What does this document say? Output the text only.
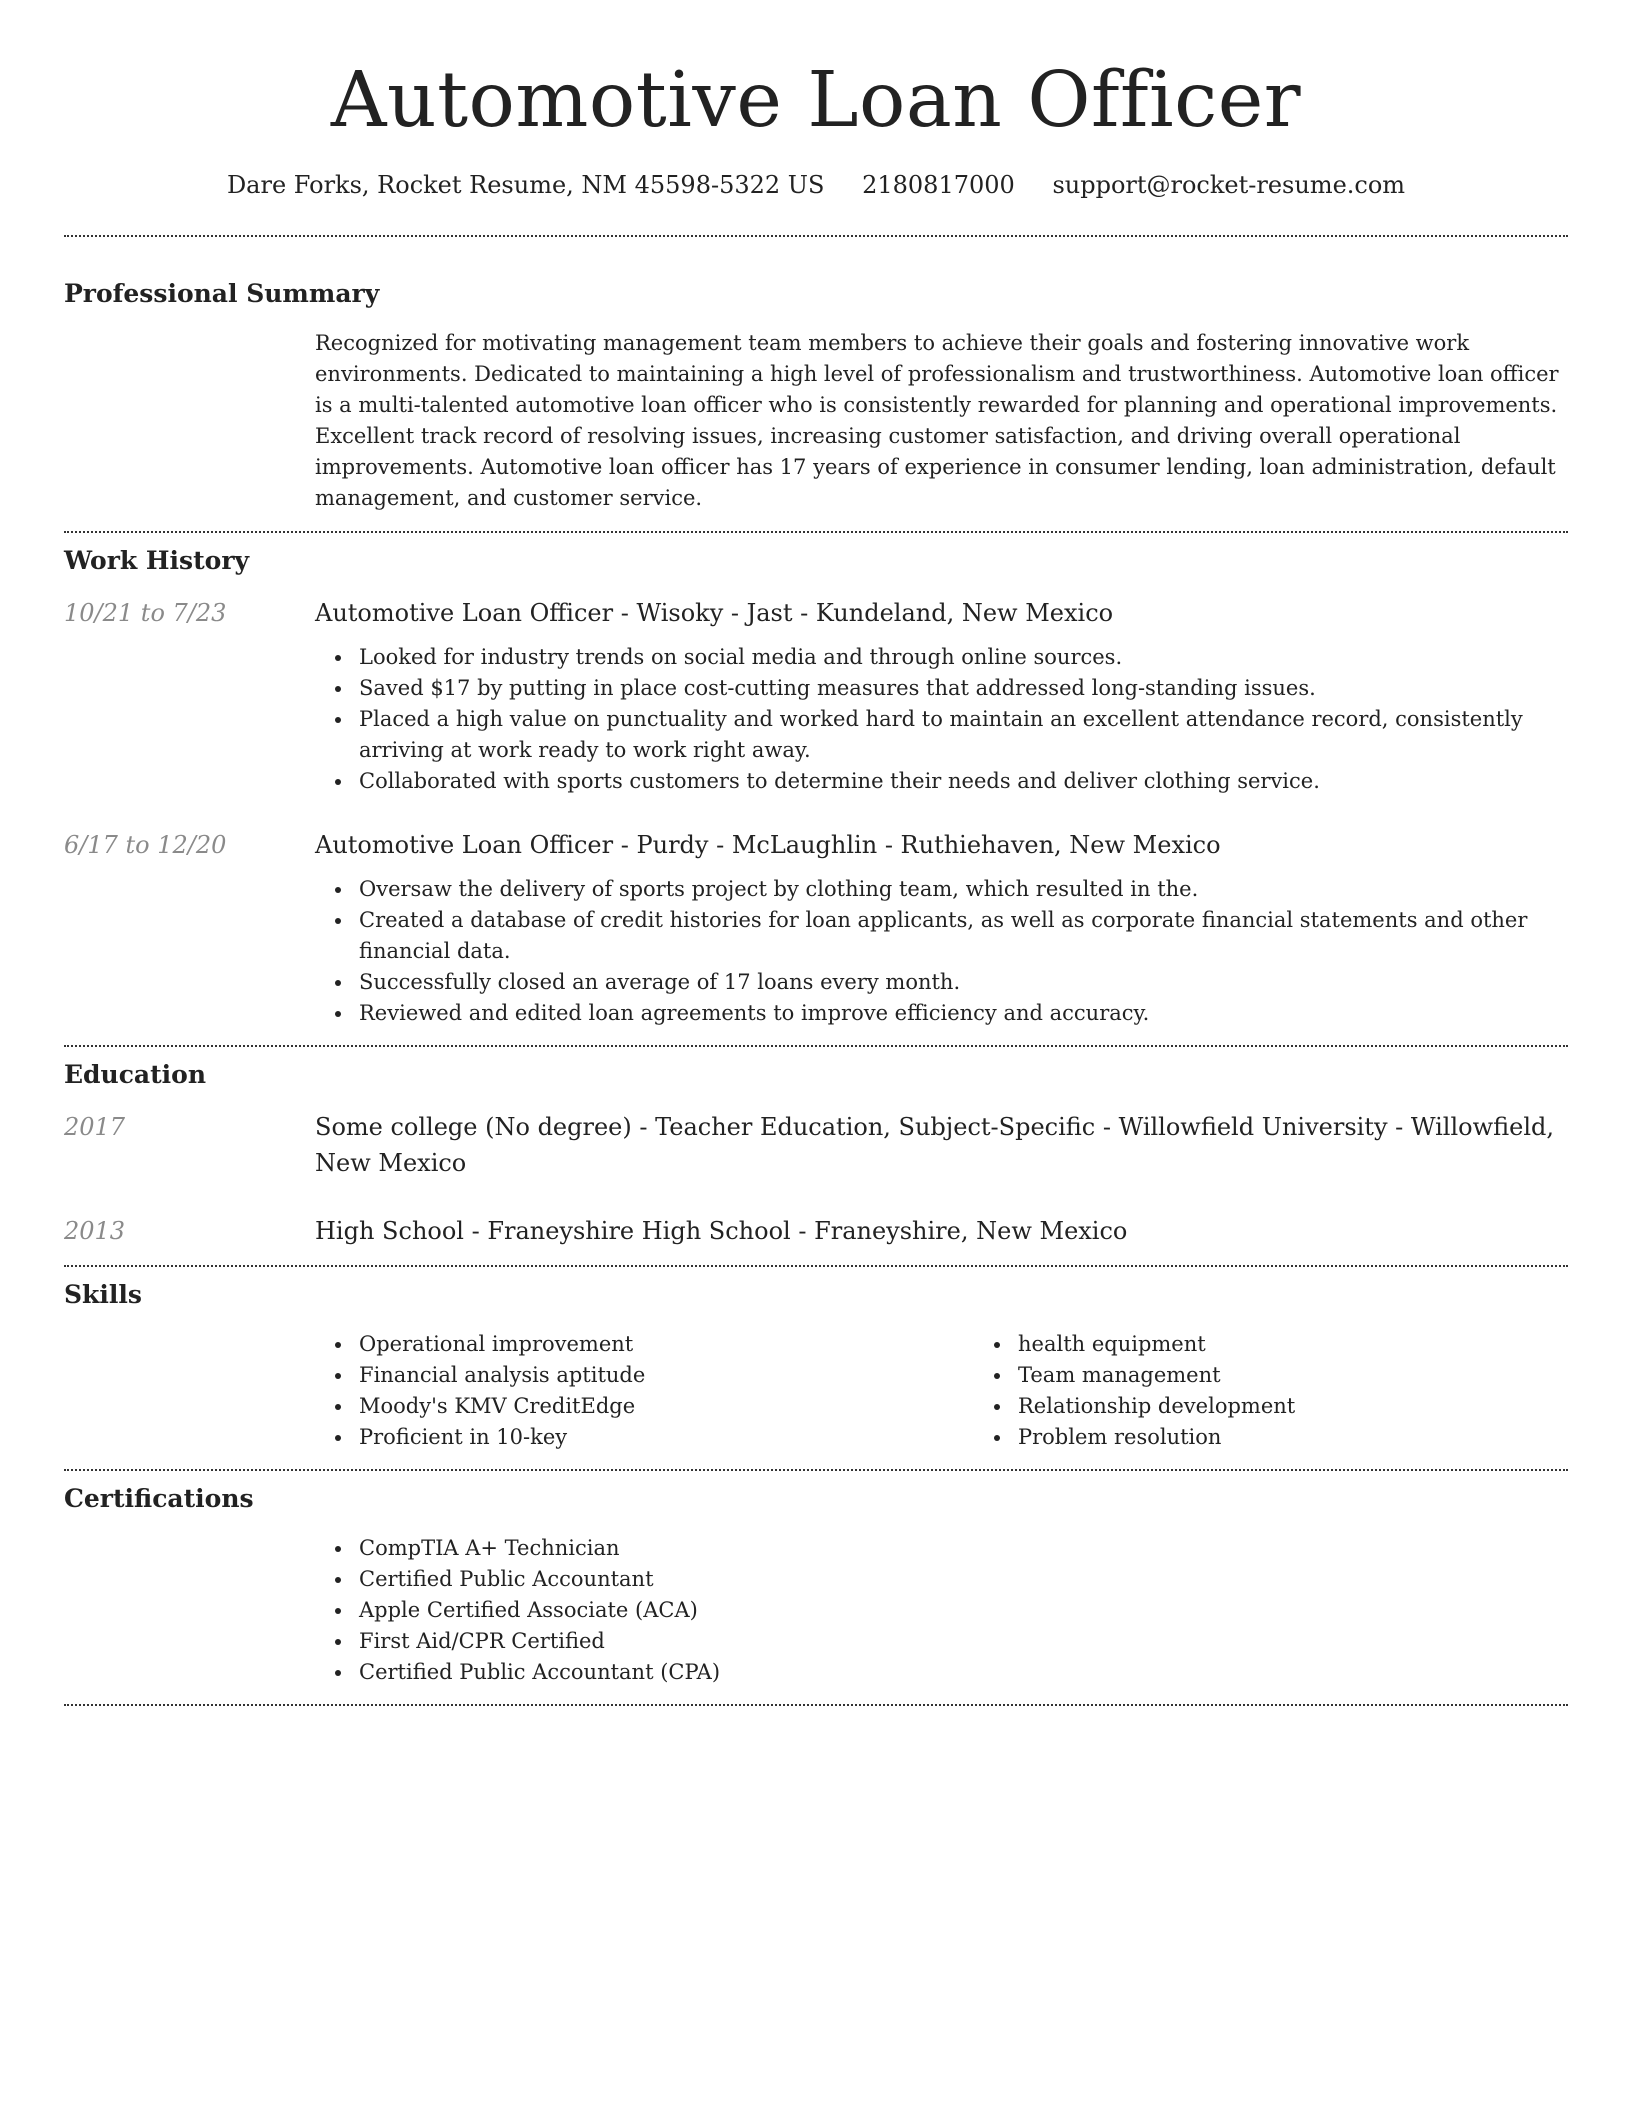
Automotive Loan Officer
Dare Forks, Rocket Resume, NM 45598-5322 US 2180817000 support@rocket-resume.com
Professional Summary

Recognized for motivating management team members to achieve their goals and fostering innovative work environments. Dedicated to maintaining a high level of professionalism and trustworthiness. Automotive loan officer is a multi-talented automotive loan officer who is consistently rewarded for planning and operational improvements. Excellent track record of resolving issues, increasing customer satisfaction, and driving overall operational improvements. Automotive loan officer has 17 years of experience in consumer lending, loan administration, default management, and customer service.

Work History
10/21 to 7/23	Automotive Loan Officer - Wisoky - Jast - Kundeland, New Mexico
Looked for industry trends on social media and through online sources.
Saved $17 by putting in place cost-cutting measures that addressed long-standing issues.
Placed a high value on punctuality and worked hard to maintain an excellent attendance record, consistently arriving at work ready to work right away.
Collaborated with sports customers to determine their needs and deliver clothing service.
6/17 to 12/20	Automotive Loan Officer - Purdy - McLaughlin - Ruthiehaven, New Mexico
Oversaw the delivery of sports project by clothing team, which resulted in the.
Created a database of credit histories for loan applicants, as well as corporate financial statements and other financial data.
Successfully closed an average of 17 loans every month.
Reviewed and edited loan agreements to improve efficiency and accuracy.
Education
2017	Some college (No degree) - Teacher Education, Subject-Specific - Willowfield University - Willowfield, New Mexico
2013	High School - Franeyshire High School - Franeyshire, New Mexico
Skills
Operational improvement
Financial analysis aptitude
Moody's KMV CreditEdge
Proficient in 10-key
health equipment
Team management
Relationship development
Problem resolution
Certifications
CompTIA A+ Technician
Certified Public Accountant
Apple Certified Associate (ACA)
First Aid/CPR Certified
Certified Public Accountant (CPA)
